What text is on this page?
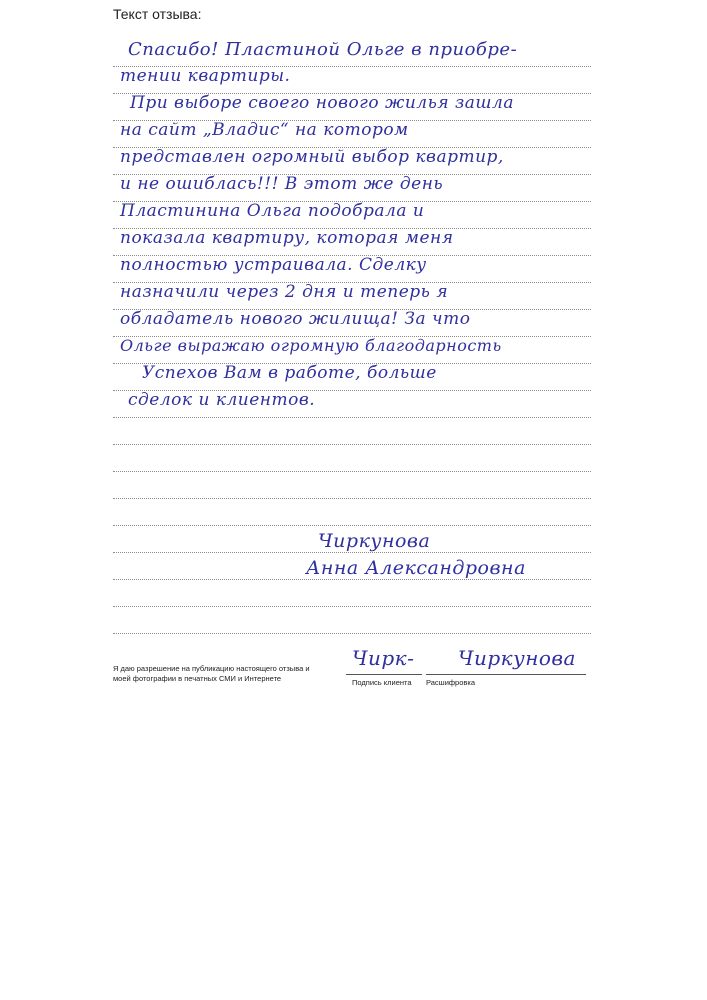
Текст отзыва:
Спасибо! Пластиной Ольге в приобре-
тении квартиры.
При выборе своего нового жилья зашла
на сайт „Владис“ на котором
представлен огромный выбор квартир,
и не ошиблась!!! В этот же день
Пластинина Ольга подобрала и
показала квартиру, которая меня
полностью устраивала. Сделку
назначили через 2 дня и теперь я
обладатель нового жилища! За что
Ольге выражаю огромную благодарность
Успехов Вам в работе, больше
сделок и клиентов.
Чиркунова
Анна Александровна
Я даю разрешение на публикацию настоящего отзыва и моей фотографии в печатных СМИ и Интернете
Чирк-
Подпись клиента
Чиркунова
Расшифровка
